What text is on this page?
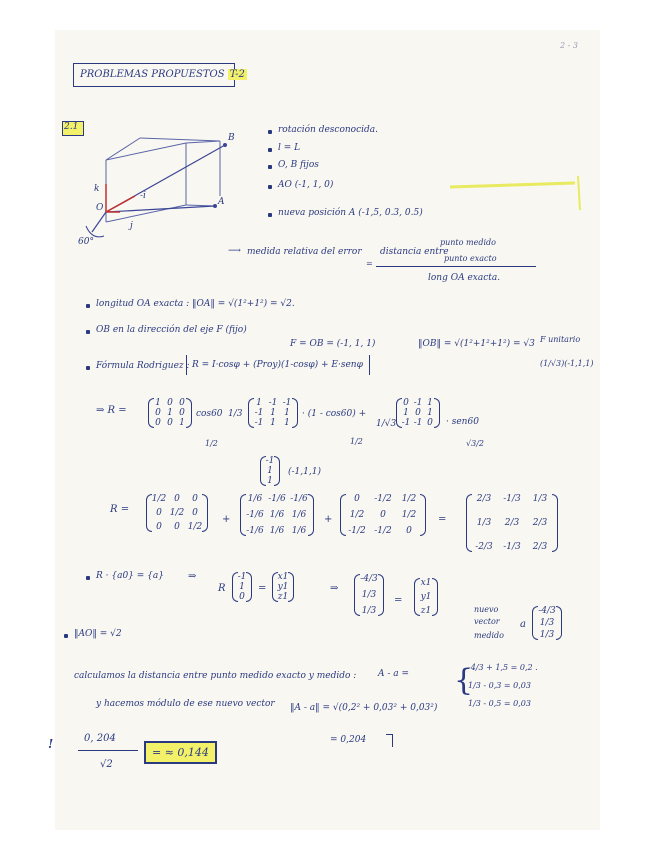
2 - 3
PROBLEMAS PROPUESTOS T-2
2.1
B
A
k
-i
j
O
60°
rotación desconocida.
l = L
O, B fijos
AO (-1, 1, 0)
nueva posición A (-1,5, 0.3, 0.5)
⟶ medida relativa del error
=
distancia entre
punto medido
punto exacto
long OA exacta.
longitud OA exacta : ‖OA‖ = √(1²+1²) = √2.
OB en la dirección del eje F (fijo)
F = OB = (-1, 1, 1)	‖OB‖ = √(1²+1²+1²) = √3 F unitario
(1/√3)(-1,1,1)
Fórmula Rodriguez : R = I·cosφ + (Proy)(1-cosφ) + E·senφ
⇒ R =
1 0 0
0 1 0
0 0 1
cos60
1/2
1/3
1 -1 -1
-1 1 1
-1 1 1
· (1 - cos60) +
1/2
1/√3
0 -1 1
1 0 1
-1 -1 0	· sen60
√3/2
-1
1
1
(-1,1,1)
R =
1/2 0	0
0 1/2 0
0	0 1/2
+
1/6 -1/6 -1/6
-1/6 1/6 1/6
-1/6 1/6 1/6
+
0	-1/2	1/2
1/2	0	1/2
-1/2 -1/2	0
=
2/3	-1/3	1/3
1/3	2/3	2/3
-2/3	-1/3	2/3
R · {a0} = {a} ⇒
R
-1
1
0
=
x1
y1
z1
⇒
-4/3
1/3
1/3
=
x1
y1
z1	nuevo
vector
medido
a
-4/3
1/3
1/3
‖AO‖ = √2
calculamos la distancia entre punto medido exacto y medido : A - a = {
-4/3 + 1,5 = 0,2 .
1/3 - 0,3 = 0,03
1/3 - 0,5 = 0,03
y hacemos módulo de ese nuevo vector ‖A - a‖ = √(0,2² + 0,03² + 0,03²)
= 0,204
!	0, 204
√2
= ≈ 0,144
